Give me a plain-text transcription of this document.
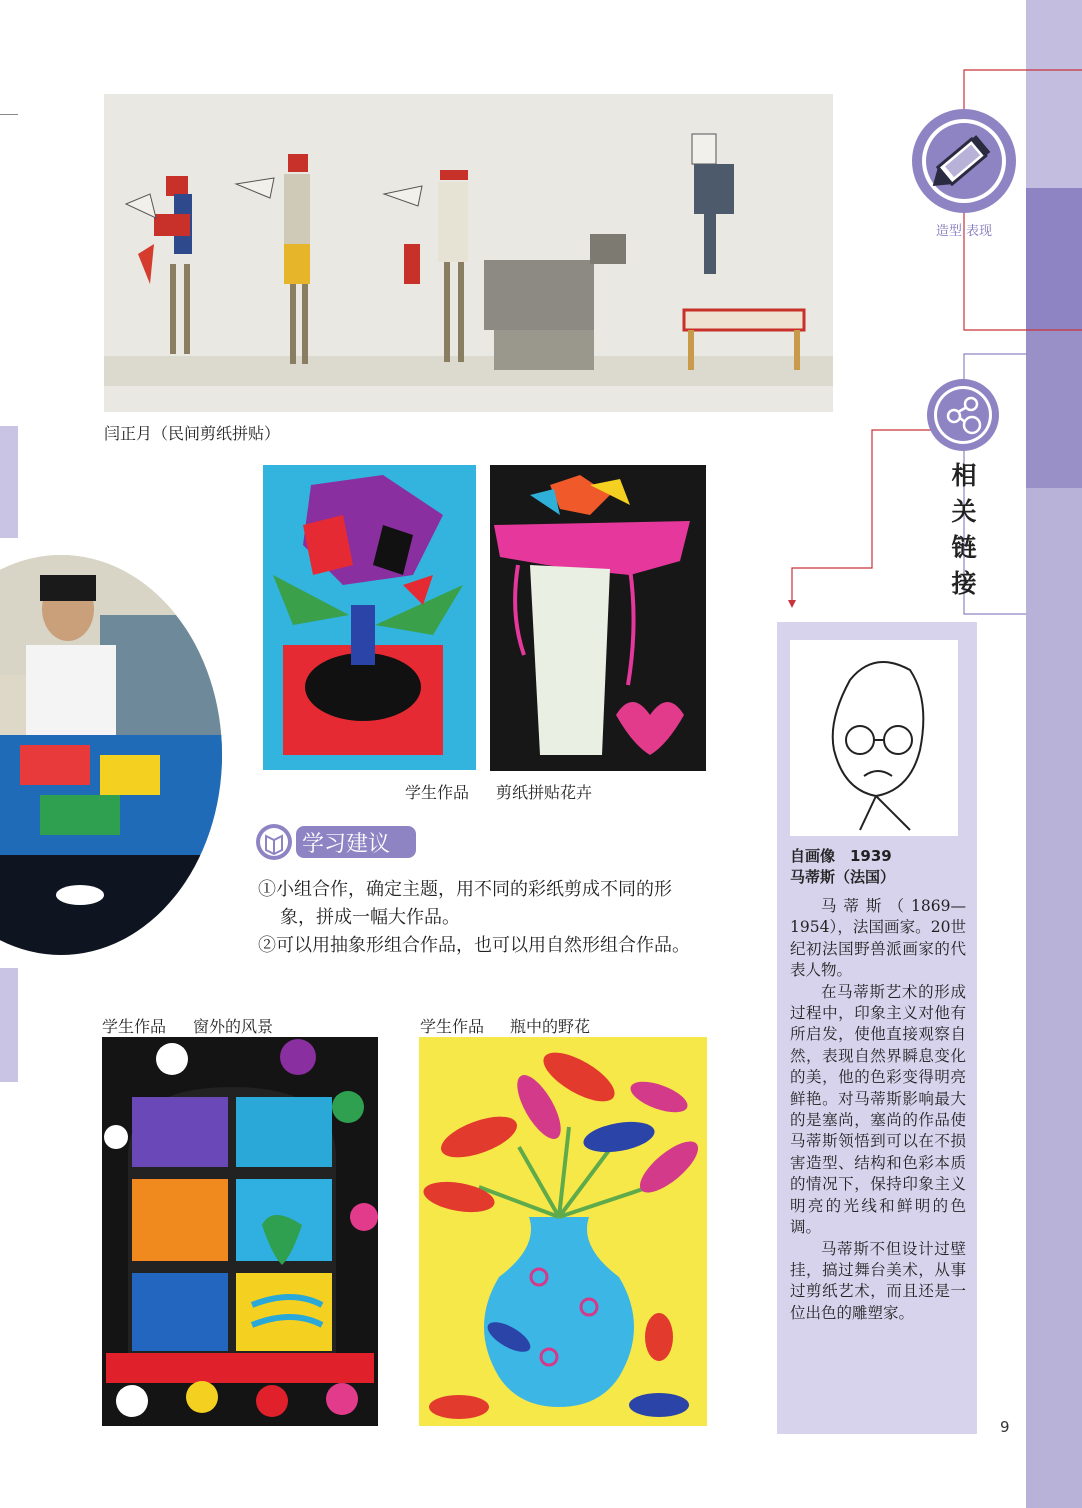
造型·表现
相关链接
闫正月（民间剪纸拼贴）
学生作品 剪纸拼贴花卉
学习建议
①小组合作，确定主题，用不同的彩纸剪成不同的形象，拼成一幅大作品。
②可以用抽象形组合作品，也可以用自然形组合作品。
学生作品 窗外的风景	学生作品 瓶中的野花
自画像　1939
马蒂斯（法国）

马蒂斯（1869—1954），法国画家。20世纪初法国野兽派画家的代表人物。

在马蒂斯艺术的形成过程中，印象主义对他有所启发，使他直接观察自然，表现自然界瞬息变化的美，他的色彩变得明亮鲜艳。对马蒂斯影响最大的是塞尚，塞尚的作品使马蒂斯领悟到可以在不损害造型、结构和色彩本质的情况下，保持印象主义明亮的光线和鲜明的色调。

马蒂斯不但设计过壁挂，搞过舞台美术，从事过剪纸艺术，而且还是一位出色的雕塑家。

9
